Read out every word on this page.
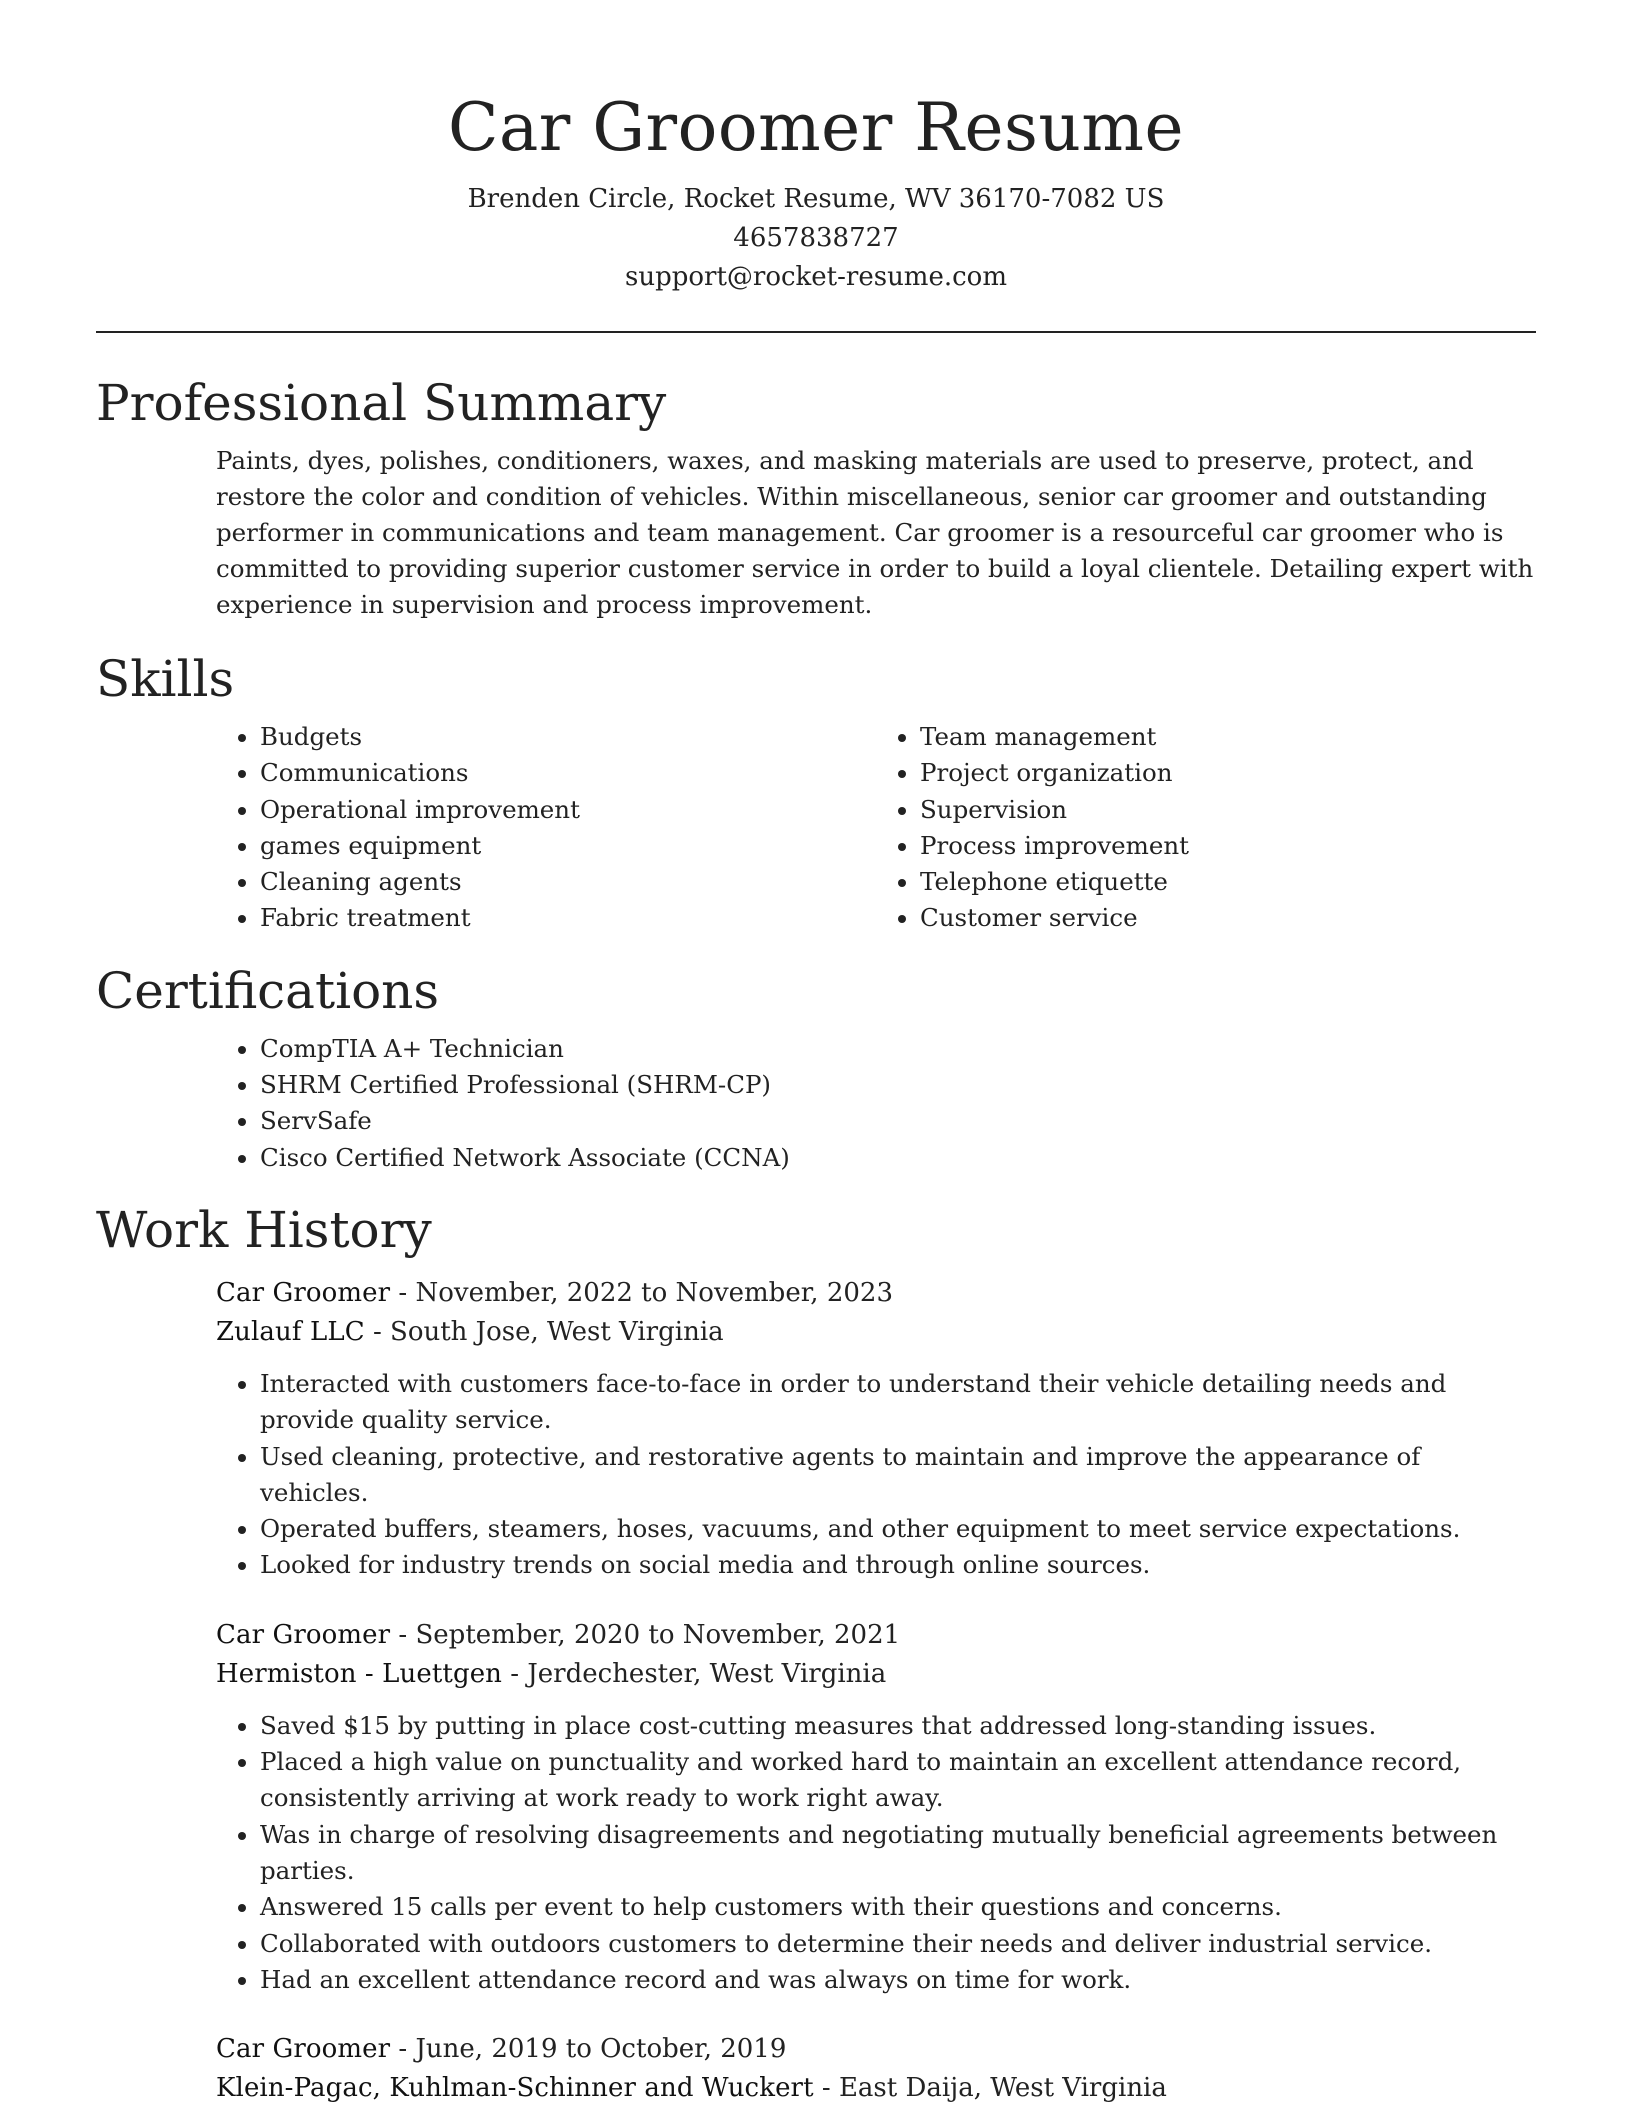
Car Groomer Resume
Brenden Circle, Rocket Resume, WV 36170-7082 US
4657838727
support@rocket-resume.com
Professional Summary
Paints, dyes, polishes, conditioners, waxes, and masking materials are used to preserve, protect, and restore the color and condition of vehicles. Within miscellaneous, senior car groomer and outstanding performer in communications and team management. Car groomer is a resourceful car groomer who is committed to providing superior customer service in order to build a loyal clientele. Detailing expert with experience in supervision and process improvement.
Skills
• Budgets
• Communications
• Operational improvement
• games equipment
• Cleaning agents
• Fabric treatment
• Team management
• Project organization
• Supervision
• Process improvement
• Telephone etiquette
• Customer service
Certifications
• CompTIA A+ Technician
• SHRM Certified Professional (SHRM-CP)
• ServSafe
• Cisco Certified Network Associate (CCNA)
Work History
Car Groomer - November, 2022 to November, 2023
Zulauf LLC - South Jose, West Virginia
• Interacted with customers face-to-face in order to understand their vehicle detailing needs and provide quality service.
• Used cleaning, protective, and restorative agents to maintain and improve the appearance of vehicles.
• Operated buffers, steamers, hoses, vacuums, and other equipment to meet service expectations.
• Looked for industry trends on social media and through online sources.
Car Groomer - September, 2020 to November, 2021
Hermiston - Luettgen - Jerdechester, West Virginia
• Saved $15 by putting in place cost-cutting measures that addressed long-standing issues.
• Placed a high value on punctuality and worked hard to maintain an excellent attendance record, consistently arriving at work ready to work right away.
• Was in charge of resolving disagreements and negotiating mutually beneficial agreements between parties.
• Answered 15 calls per event to help customers with their questions and concerns.
• Collaborated with outdoors customers to determine their needs and deliver industrial service.
• Had an excellent attendance record and was always on time for work.
Car Groomer - June, 2019 to October, 2019
Klein-Pagac, Kuhlman-Schinner and Wuckert - East Daija, West Virginia
